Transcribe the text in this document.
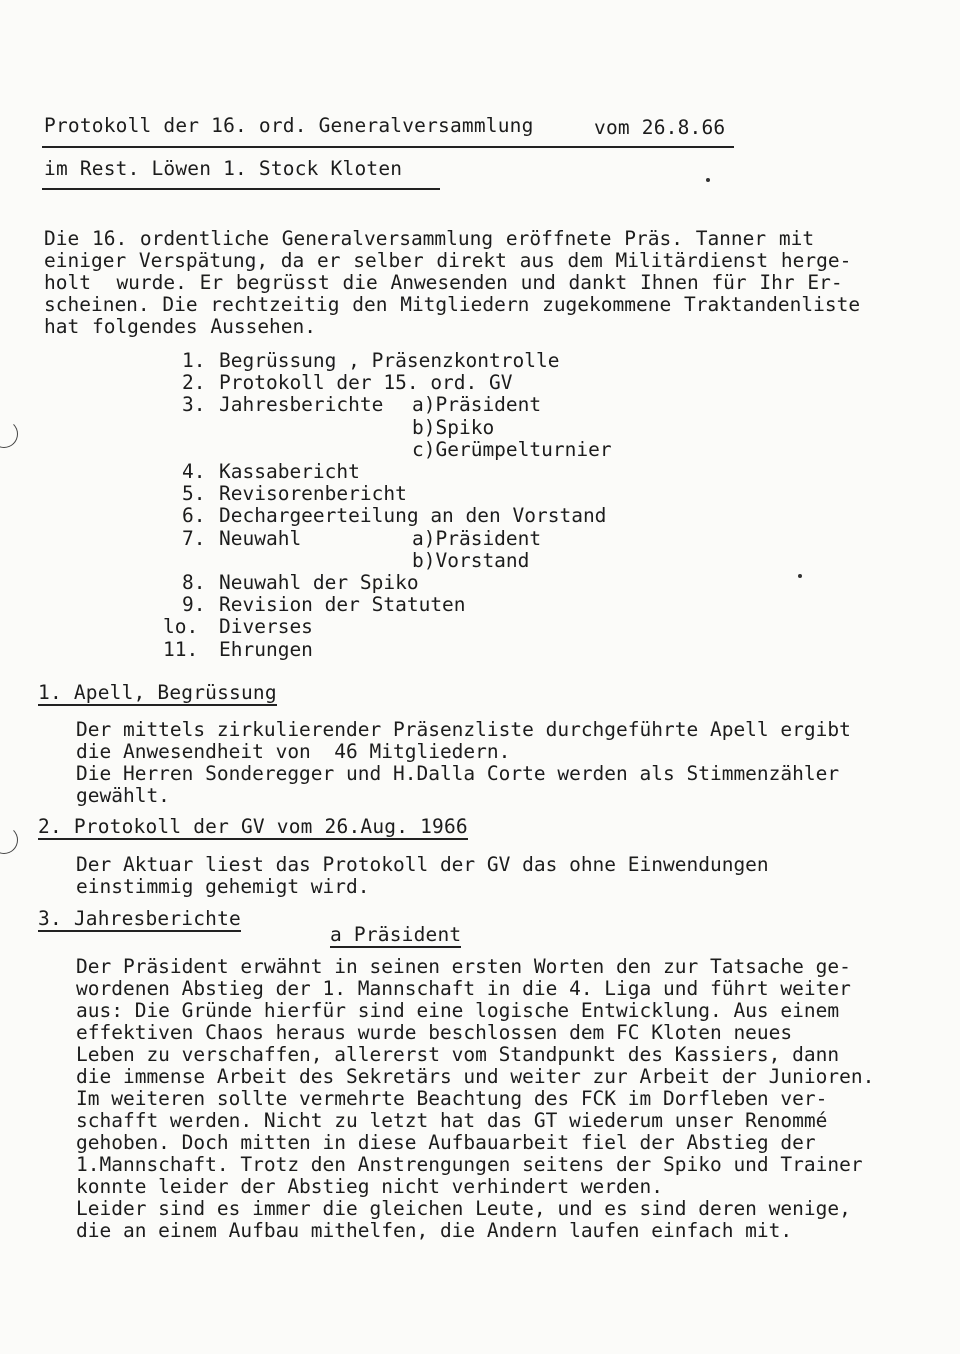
Protokoll der 16. ord. Generalversammlung	vom 26.8.66
im Rest. Löwen 1. Stock Kloten
Die 16. ordentliche Generalversammlung eröffnete Präs. Tanner mit
einiger Verspätung, da er selber direkt aus dem Militärdienst herge-
holt  wurde. Er begrüsst die Anwesenden und dankt Ihnen für Ihr Er-
scheinen. Die rechtzeitig den Mitgliedern zugekommene Traktandenliste
hat folgendes Aussehen.
1. Begrüssung , Präsenzkontrolle
2. Protokoll der 15. ord. GV
3. Jahresberichte a)Präsident
b)Spiko
c)Gerümpelturnier
4. Kassabericht
5. Revisorenbericht
6. Dechargeerteilung an den Vorstand
7. Neuwahl	a)Präsident
b)Vorstand
8. Neuwahl der Spiko
9. Revision der Statuten
lo. Diverses
11. Ehrungen
1. Apell, Begrüssung
Der mittels zirkulierender Präsenzliste durchgeführte Apell ergibt
die Anwesendheit von  46 Mitgliedern.
Die Herren Sonderegger und H.Dalla Corte werden als Stimmenzähler
gewählt.
2. Protokoll der GV vom 26.Aug. 1966
Der Aktuar liest das Protokoll der GV das ohne Einwendungen
einstimmig gehemigt wird.
3. Jahresberichte
a Präsident
Der Präsident erwähnt in seinen ersten Worten den zur Tatsache ge-
wordenen Abstieg der 1. Mannschaft in die 4. Liga und führt weiter
aus: Die Gründe hierfür sind eine logische Entwicklung. Aus einem
effektiven Chaos heraus wurde beschlossen dem FC Kloten neues
Leben zu verschaffen, allererst vom Standpunkt des Kassiers, dann
die immense Arbeit des Sekretärs und weiter zur Arbeit der Junioren.
Im weiteren sollte vermehrte Beachtung des FCK im Dorfleben ver-
schafft werden. Nicht zu letzt hat das GT wiederum unser Renommé
gehoben. Doch mitten in diese Aufbauarbeit fiel der Abstieg der
1.Mannschaft. Trotz den Anstrengungen seitens der Spiko und Trainer
konnte leider der Abstieg nicht verhindert werden.
Leider sind es immer die gleichen Leute, und es sind deren wenige,
die an einem Aufbau mithelfen, die Andern laufen einfach mit.
